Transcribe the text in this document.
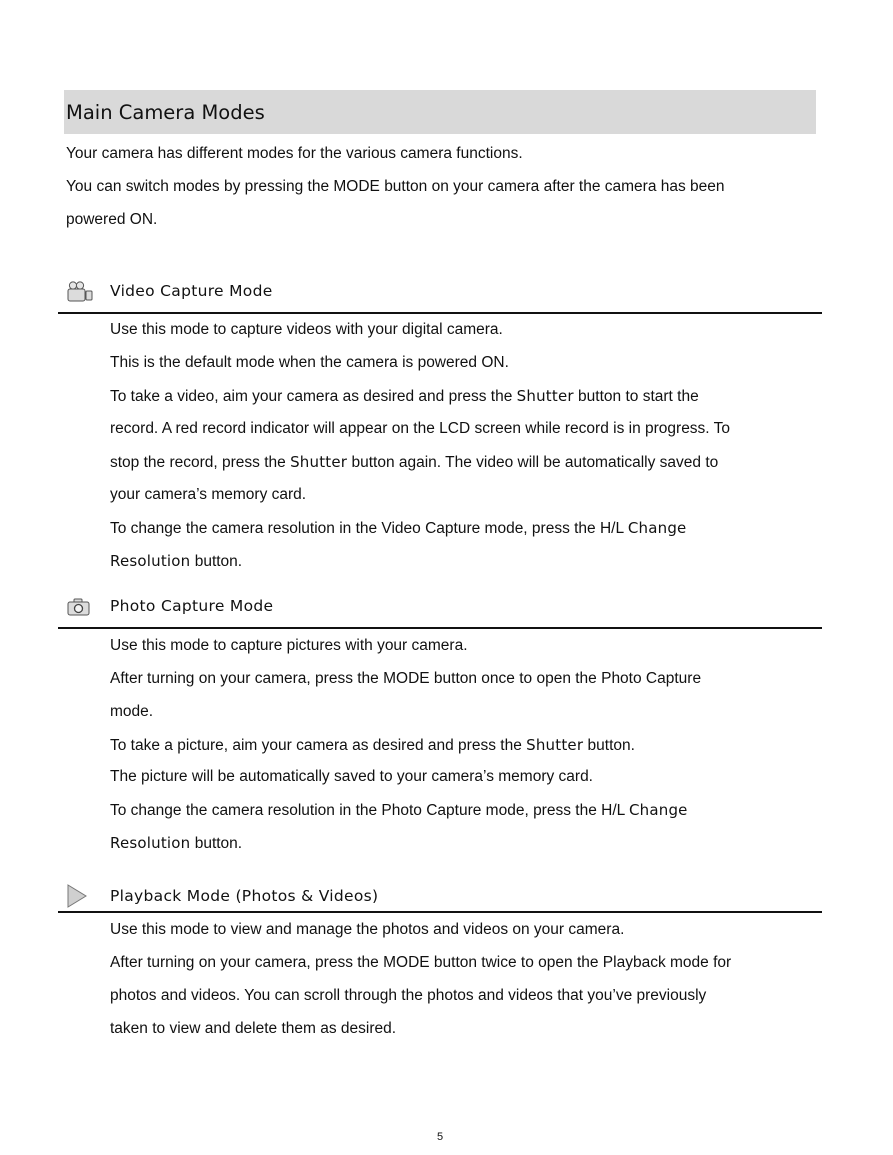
Main Camera Modes
Your camera has different modes for the various camera functions.
You can switch modes by pressing the MODE button on your camera after the camera has been
powered ON.
Video Capture Mode
Use this mode to capture videos with your digital camera.
This is the default mode when the camera is powered ON.
To take a video, aim your camera as desired and press the Shutter button to start the
record. A red record indicator will appear on the LCD screen while record is in progress. To
stop the record, press the Shutter button again. The video will be automatically saved to
your camera’s memory card.
To change the camera resolution in the Video Capture mode, press the H/L Change
Resolution button.
Photo Capture Mode
Use this mode to capture pictures with your camera.
After turning on your camera, press the MODE button once to open the Photo Capture
mode.
To take a picture, aim your camera as desired and press the Shutter button.
The picture will be automatically saved to your camera’s memory card.
To change the camera resolution in the Photo Capture mode, press the H/L Change
Resolution button.
Playback Mode (Photos & Videos)
Use this mode to view and manage the photos and videos on your camera.
After turning on your camera, press the MODE button twice to open the Playback mode for
photos and videos. You can scroll through the photos and videos that you’ve previously
taken to view and delete them as desired.
5
